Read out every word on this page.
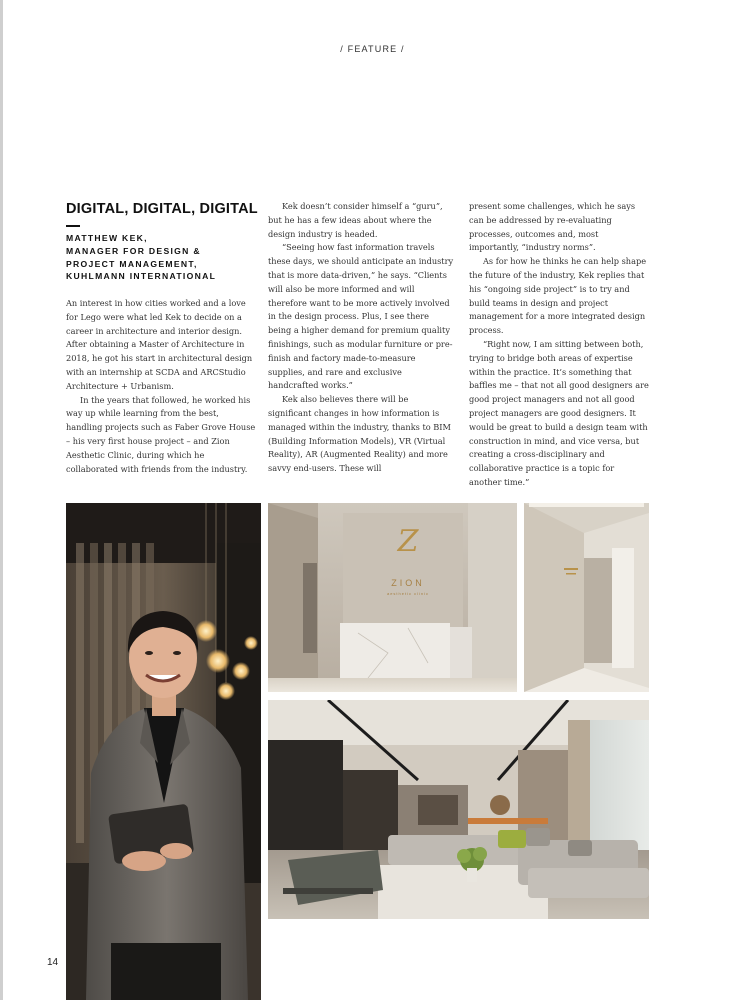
/ FEATURE /
DIGITAL, DIGITAL, DIGITAL
MATTHEW KEK,
MANAGER FOR DESIGN &
PROJECT MANAGEMENT,
KUHLMANN INTERNATIONAL

An interest in how cities worked and a love for Lego were what led Kek to decide on a career in architecture and interior design. After obtaining a Master of Architecture in 2018, he got his start in architectural design with an internship at SCDA and ARCStudio Architecture + Urbanism.

In the years that followed, he worked his way up while learning from the best, handling projects such as Faber Grove House – his very first house project – and Zion Aesthetic Clinic, during which he collaborated with friends from the industry.

Kek doesn’t consider himself a “guru”, but he has a few ideas about where the design industry is headed.

“Seeing how fast information travels these days, we should anticipate an industry that is more data-driven,” he says. “Clients will also be more informed and will therefore want to be more actively involved in the design process. Plus, I see there being a higher demand for premium quality finishings, such as modular furniture or pre-finish and factory made-to-measure supplies, and rare and exclusive handcrafted works.”

Kek also believes there will be significant changes in how information is managed within the industry, thanks to BIM (Building Information Models), VR (Virtual Reality), AR (Augmented Reality) and more savvy end-users. These will

present some challenges, which he says can be addressed by re-evaluating processes, outcomes and, most importantly, “industry norms”.

As for how he thinks he can help shape the future of the industry, Kek replies that his “ongoing side project” is to try and build teams in design and project management for a more integrated design process.

“Right now, I am sitting between both, trying to bridge both areas of expertise within the practice. It’s something that baffles me – that not all good designers are good project managers and not all good project managers are good designers. It would be great to build a design team with construction in mind, and vice versa, but creating a cross-disciplinary and collaborative practice is a topic for another time.”

Z
ZION
aesthetic clinic
14
